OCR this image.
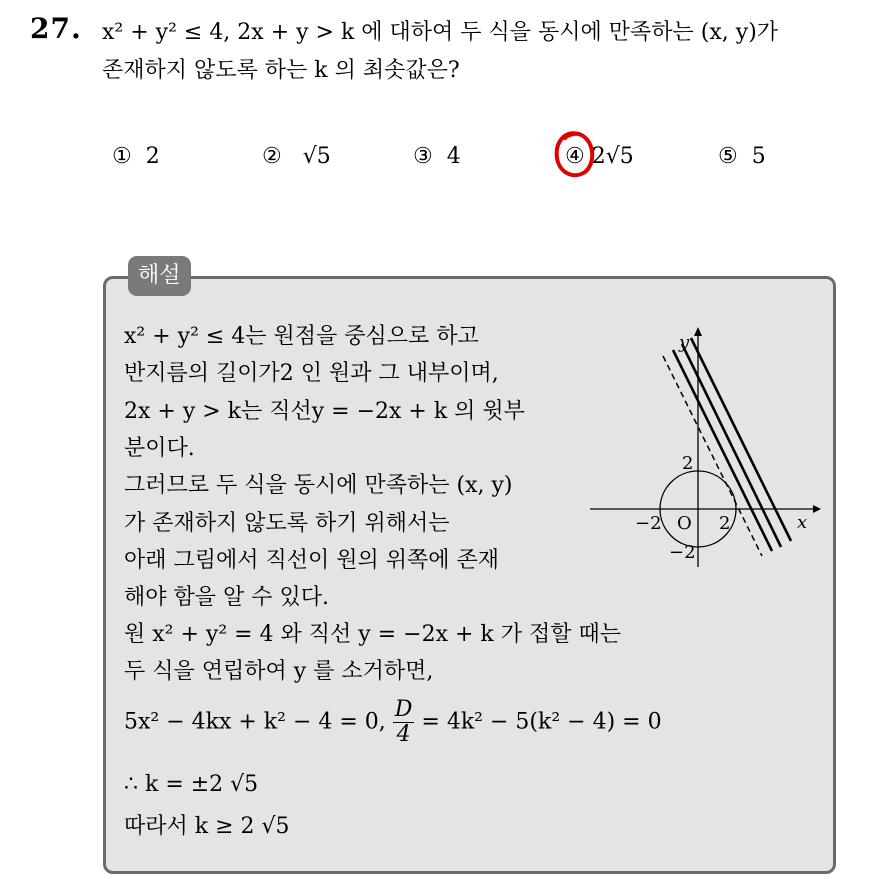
27. x² + y² ≤ 4, 2x + y > k 에 대하여 두 식을 동시에 만족하는 (x, y)가
존재하지 않도록 하는 k 의 최솟값은?
① 2	② √5	③ 4	④ 2√5	⑤ 5
해설
x² + y² ≤ 4는 원점을 중심으로 하고
반지름의 길이가2 인 원과 그 내부이며,
2x + y > k는 직선y = −2x + k 의 윗부
분이다.
그러므로 두 식을 동시에 만족하는 (x, y)
가 존재하지 않도록 하기 위해서는
아래 그림에서 직선이 원의 위쪽에 존재
해야 함을 알 수 있다.
원 x² + y² = 4 와 직선 y = −2x + k 가 접할 때는
두 식을 연립하여 y 를 소거하면,
5x² − 4kx + k² − 4 = 0, $\frac{D}{4} = 4k^2 - 5(k^2 - 4) = 0$
∴ k = ±2 √5
따라서 k ≥ 2 √5
y
x
O
−2	2
2
−2
